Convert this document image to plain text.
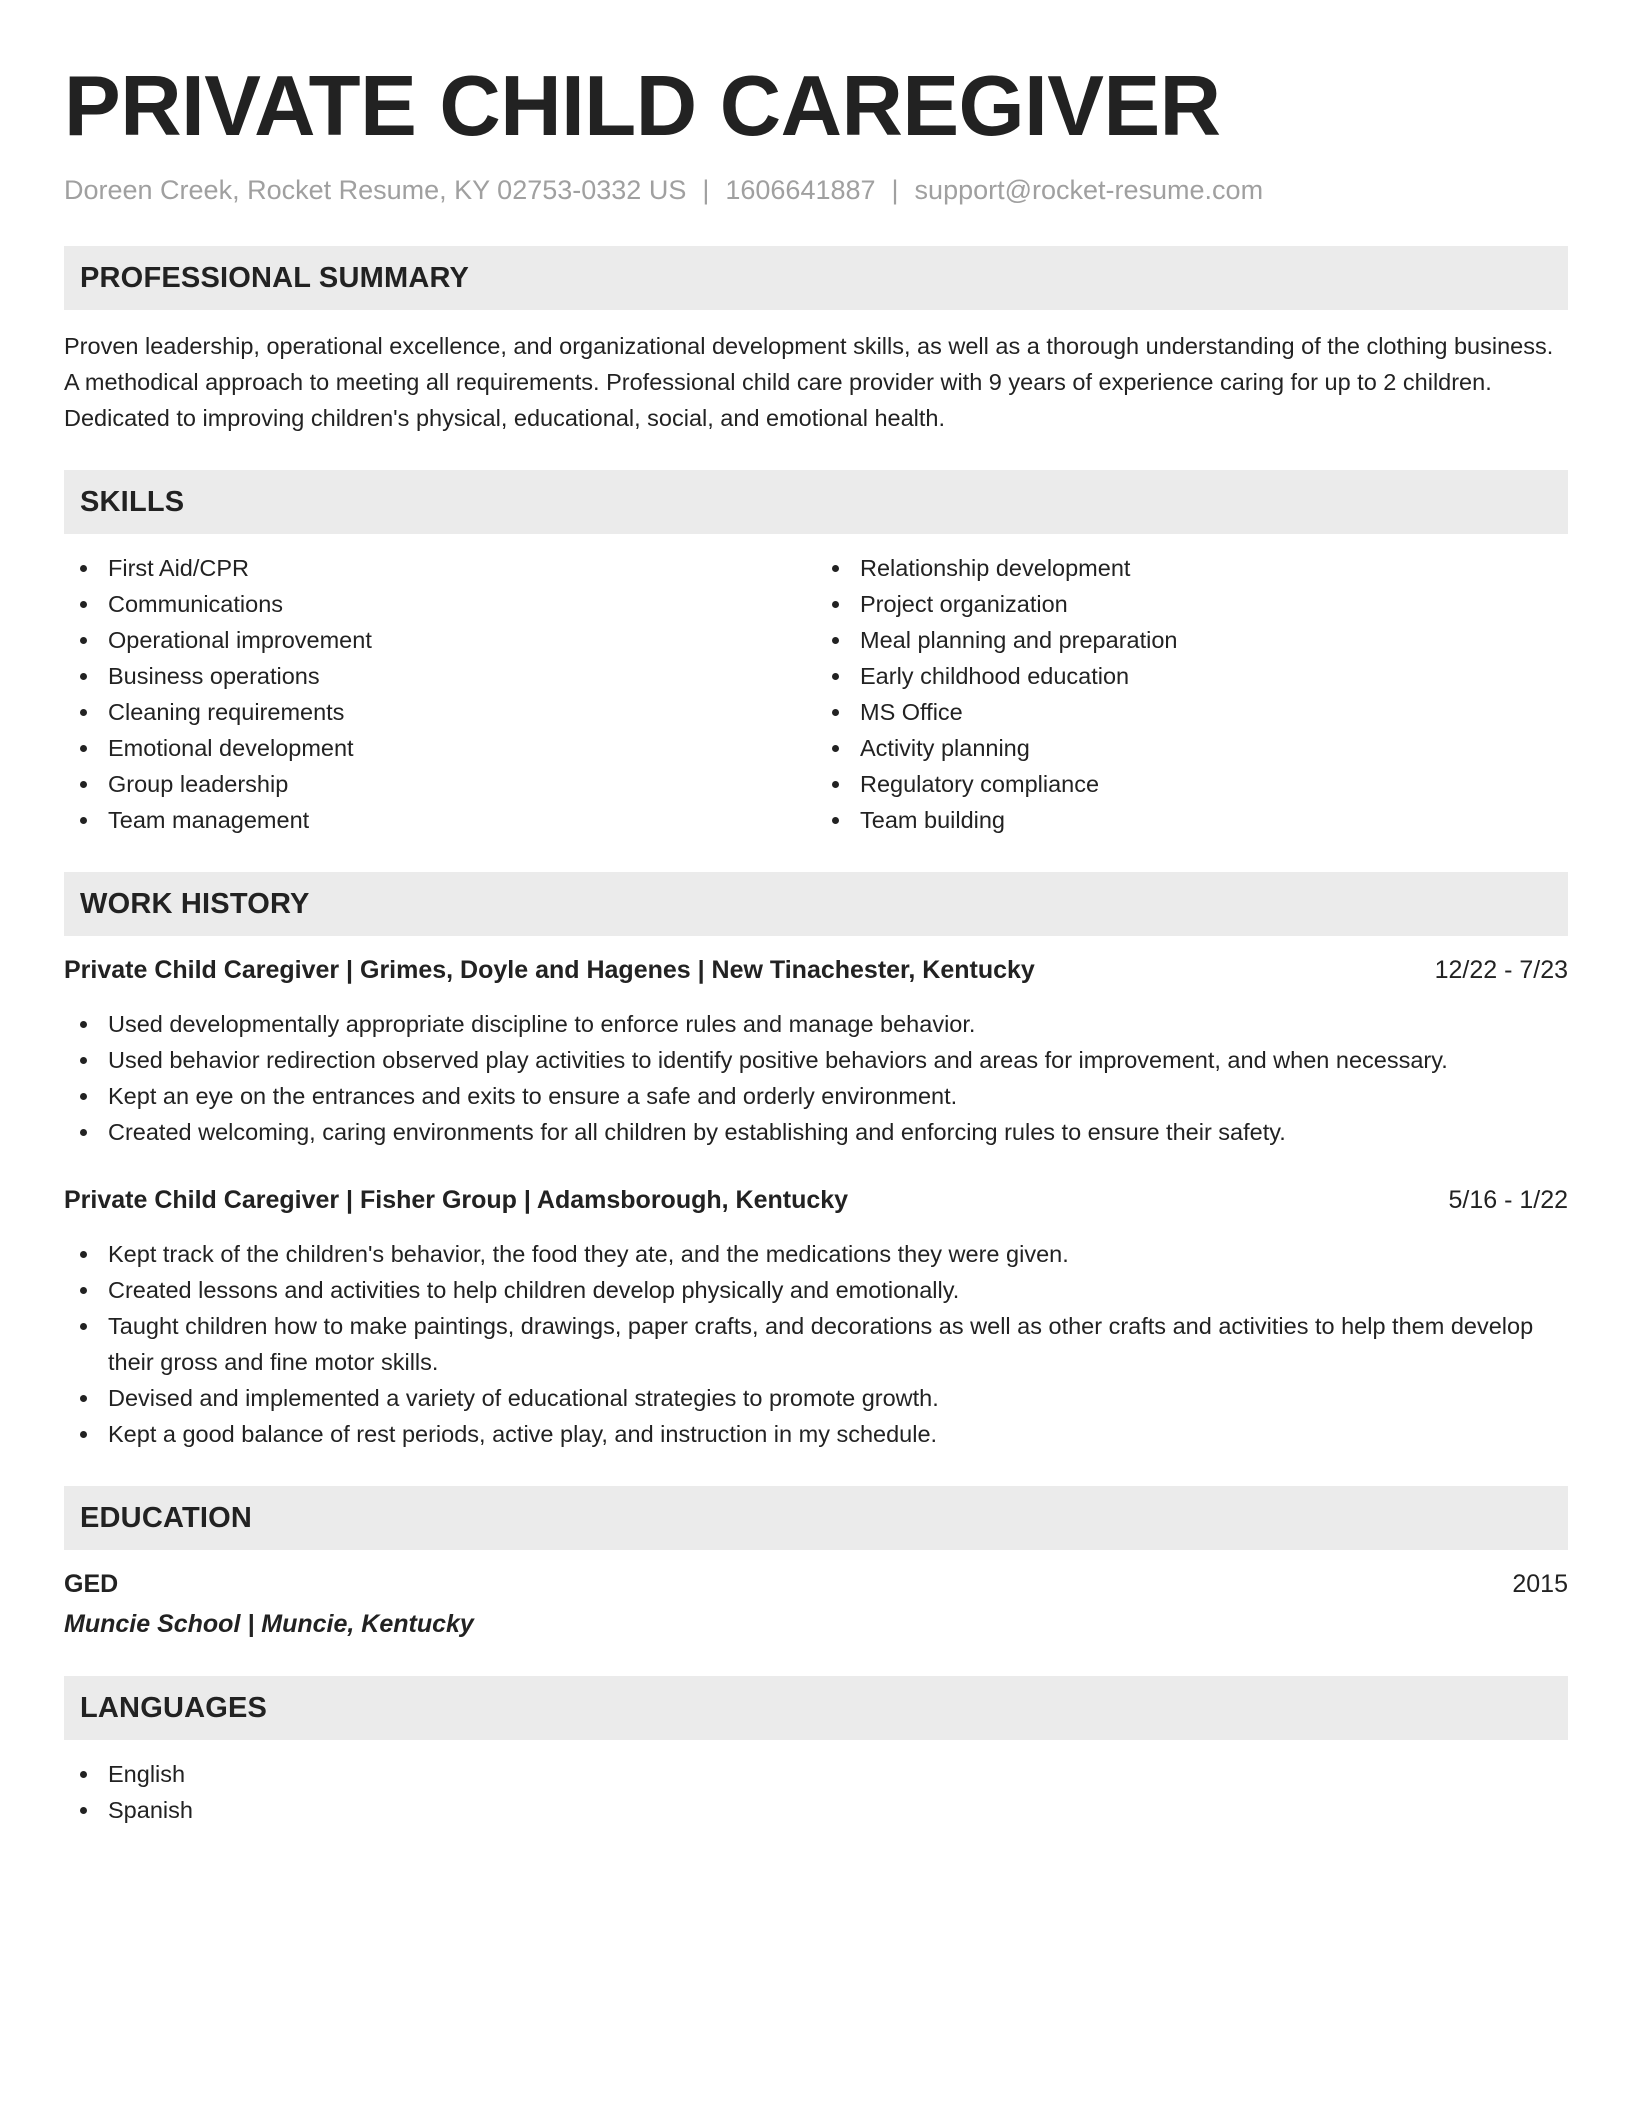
PRIVATE CHILD CAREGIVER
Doreen Creek, Rocket Resume, KY 02753-0332 US | 1606641887 | support@rocket-resume.com
PROFESSIONAL SUMMARY

Proven leadership, operational excellence, and organizational development skills, as well as a thorough understanding of the clothing business. A methodical approach to meeting all requirements. Professional child care provider with 9 years of experience caring for up to 2 children. Dedicated to improving children's physical, educational, social, and emotional health.

SKILLS
First Aid/CPR
Communications
Operational improvement
Business operations
Cleaning requirements
Emotional development
Group leadership
Team management
Relationship development
Project organization
Meal planning and preparation
Early childhood education
MS Office
Activity planning
Regulatory compliance
Team building
WORK HISTORY
Private Child Caregiver | Grimes, Doyle and Hagenes | New Tinachester, Kentucky	12/22 - 7/23
Used developmentally appropriate discipline to enforce rules and manage behavior.
Used behavior redirection observed play activities to identify positive behaviors and areas for improvement, and when necessary.
Kept an eye on the entrances and exits to ensure a safe and orderly environment.
Created welcoming, caring environments for all children by establishing and enforcing rules to ensure their safety.
Private Child Caregiver | Fisher Group | Adamsborough, Kentucky	5/16 - 1/22
Kept track of the children's behavior, the food they ate, and the medications they were given.
Created lessons and activities to help children develop physically and emotionally.
Taught children how to make paintings, drawings, paper crafts, and decorations as well as other crafts and activities to help them develop their gross and fine motor skills.
Devised and implemented a variety of educational strategies to promote growth.
Kept a good balance of rest periods, active play, and instruction in my schedule.
EDUCATION
GED	2015
Muncie School | Muncie, Kentucky
LANGUAGES
English
Spanish
